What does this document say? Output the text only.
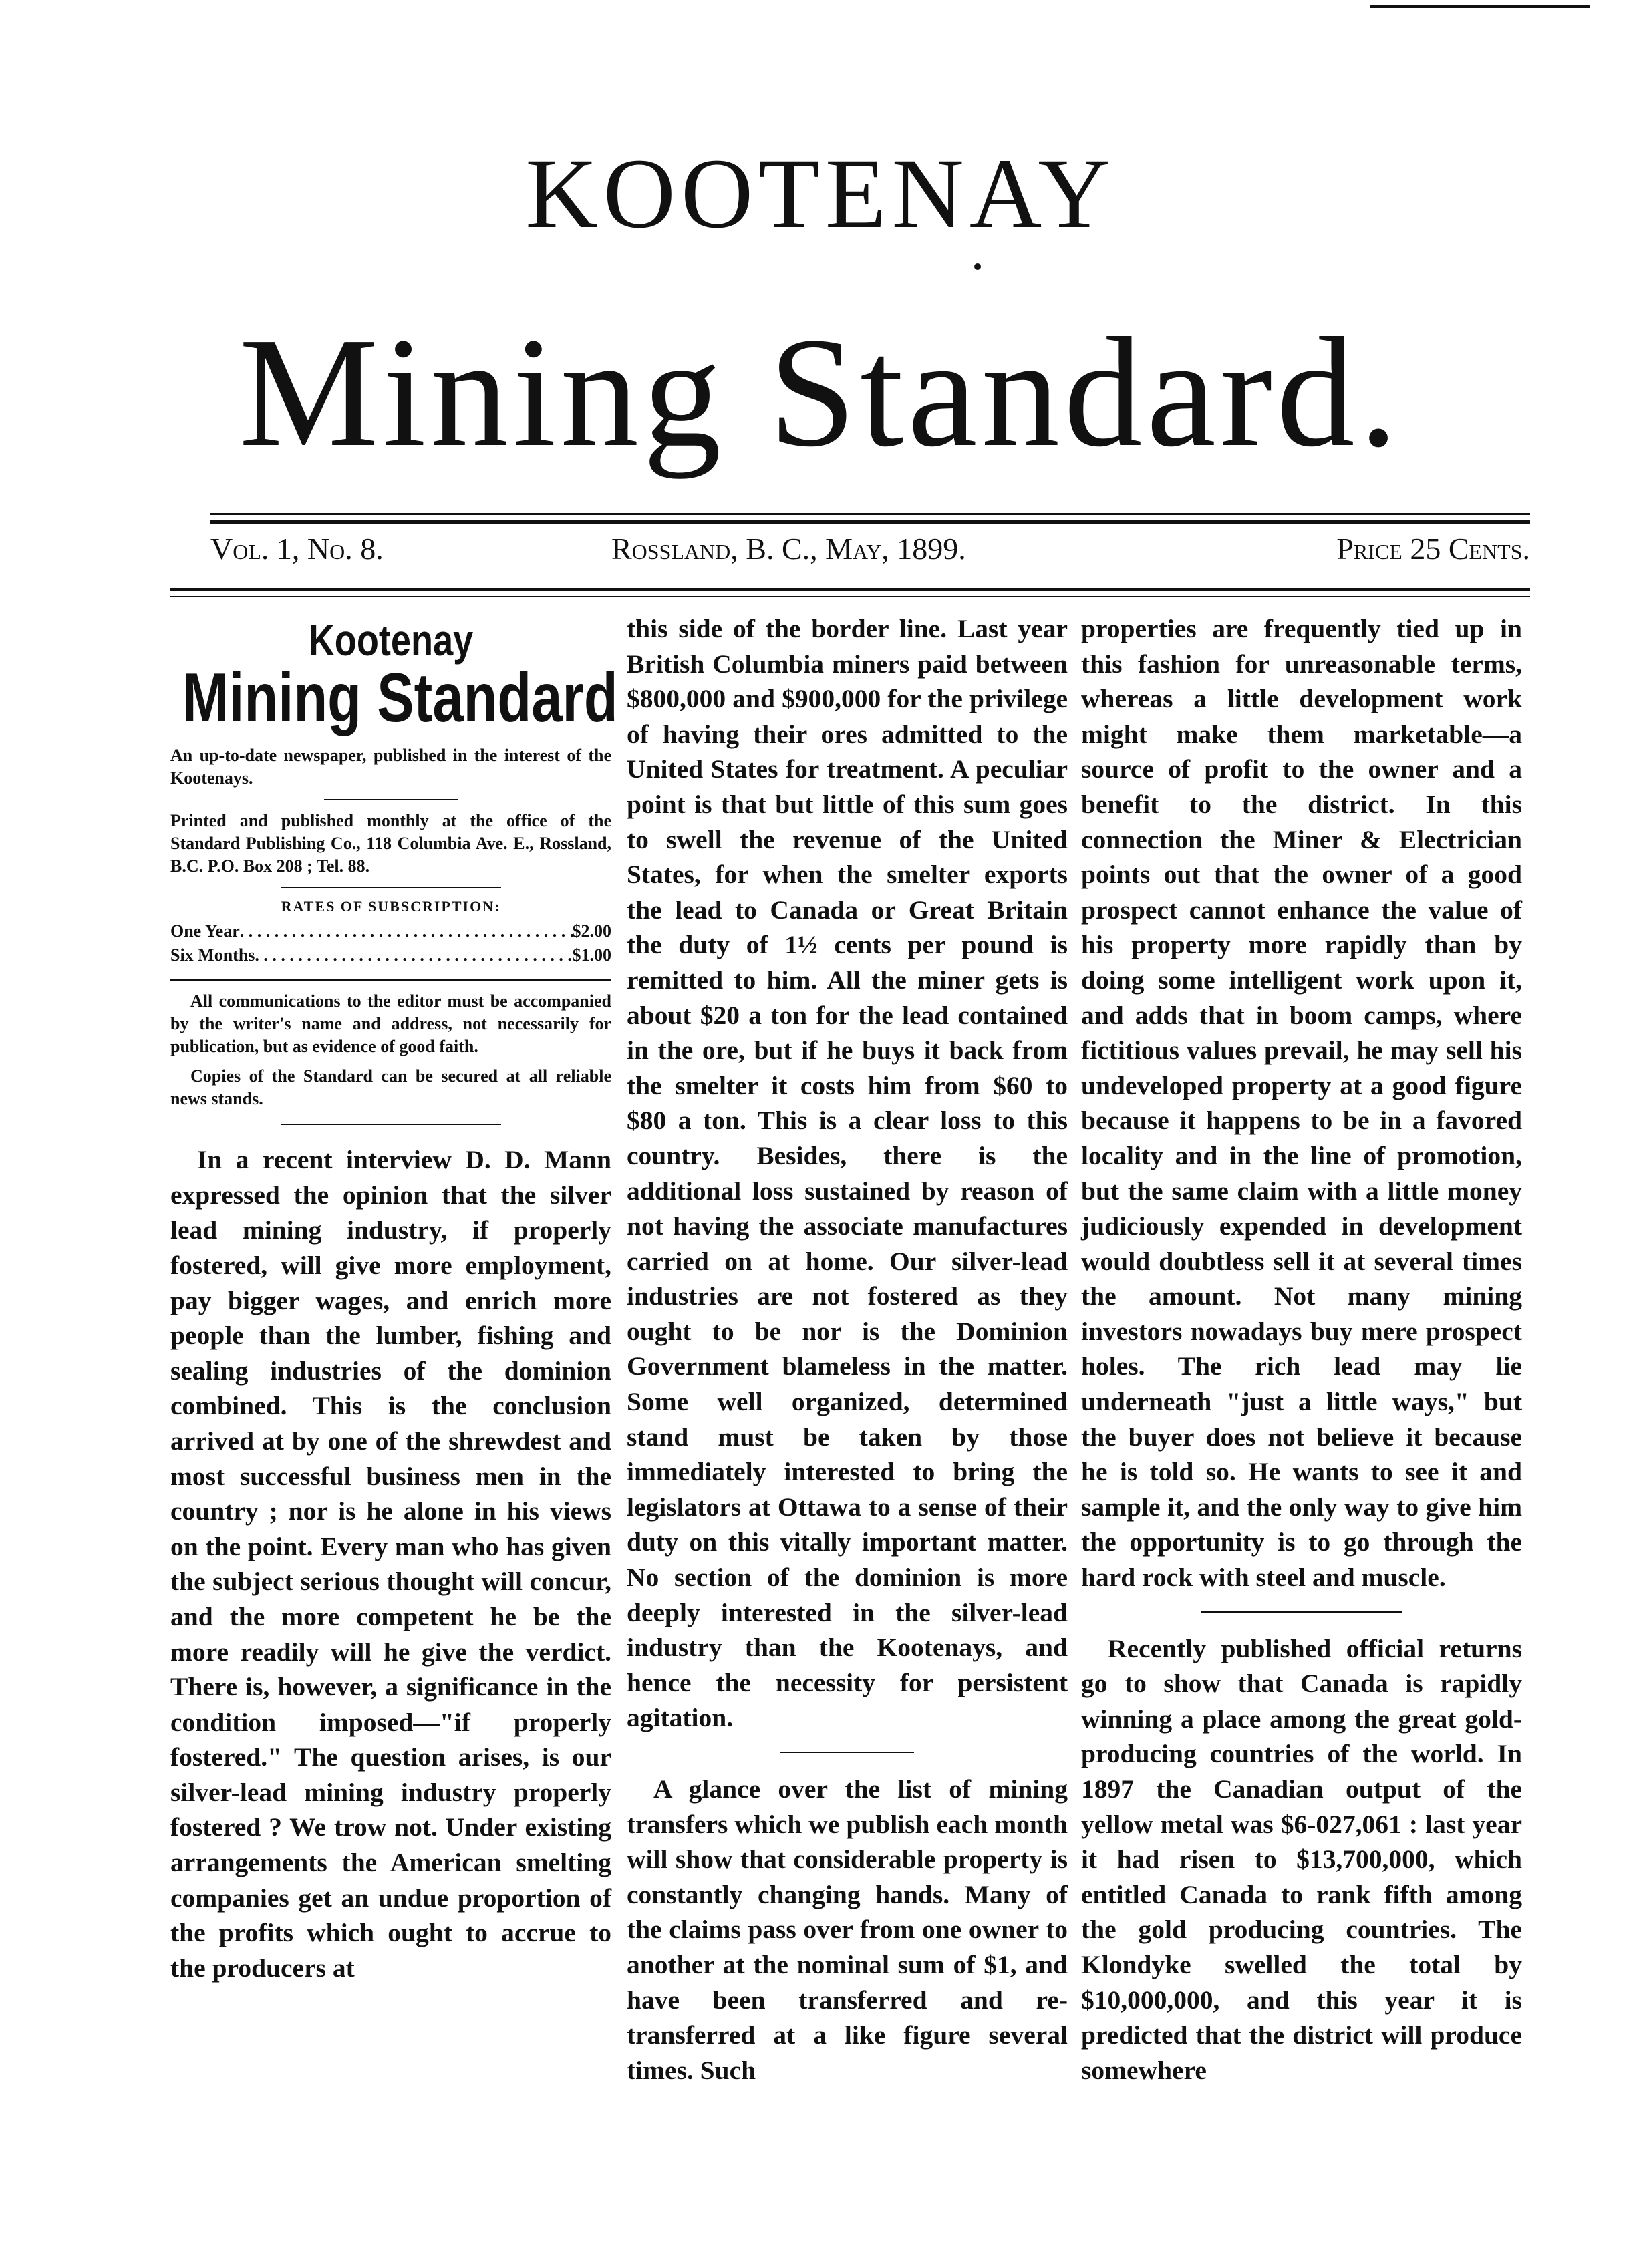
KOOTENAY
Mining Standard.
Vol. 1, No. 8.	Rossland, B. C., May, 1899.	Price 25 Cents.
Kootenay
Mining Standard

An up-to-date newspaper, published in the interest of the Kootenays.

Printed and published monthly at the office of the Standard Publishing Co., 118 Columbia Ave. E., Rossland, B.C. P.O. Box 208 ; Tel. 88.

RATES OF SUBSCRIPTION:
One Year . . .	$2.00
Six Months . . .	$1.00

All communications to the editor must be accompanied by the writer's name and address, not necessarily for publication, but as evidence of good faith.

Copies of the Standard can be secured at all reliable news stands.

In a recent interview D. D. Mann expressed the opinion that the silver lead mining industry, if properly fostered, will give more employment, pay bigger wages, and enrich more people than the lumber, fishing and sealing industries of the dominion combined. This is the conclusion arrived at by one of the shrewdest and most successful business men in the country ; nor is he alone in his views on the point. Every man who has given the subject serious thought will concur, and the more competent he be the more readily will he give the verdict. There is, however, a significance in the condition imposed—"if properly fostered." The question arises, is our silver-lead mining industry properly fostered ? We trow not. Under existing arrangements the American smelting companies get an undue proportion of the profits which ought to accrue to the producers at

this side of the border line. Last year British Columbia miners paid between $800,000 and $900,000 for the privilege of having their ores admitted to the United States for treatment. A peculiar point is that but little of this sum goes to swell the revenue of the United States, for when the smelter exports the lead to Canada or Great Britain the duty of 1½ cents per pound is remitted to him. All the miner gets is about $20 a ton for the lead contained in the ore, but if he buys it back from the smelter it costs him from $60 to $80 a ton. This is a clear loss to this country. Besides, there is the additional loss sustained by reason of not having the associate manufactures carried on at home. Our silver-lead industries are not fostered as they ought to be nor is the Dominion Government blameless in the matter. Some well organized, determined stand must be taken by those immediately interested to bring the legislators at Ottawa to a sense of their duty on this vitally important matter. No section of the dominion is more deeply interested in the silver-lead industry than the Kootenays, and hence the necessity for persistent agitation.

A glance over the list of mining transfers which we publish each month will show that considerable property is constantly changing hands. Many of the claims pass over from one owner to another at the nominal sum of $1, and have been transferred and re-transferred at a like figure several times. Such

properties are frequently tied up in this fashion for unreasonable terms, whereas a little development work might make them marketable—a source of profit to the owner and a benefit to the district. In this connection the Miner & Electrician points out that the owner of a good prospect cannot enhance the value of his property more rapidly than by doing some intelligent work upon it, and adds that in boom camps, where fictitious values prevail, he may sell his undeveloped property at a good figure because it happens to be in a favored locality and in the line of promotion, but the same claim with a little money judiciously expended in development would doubtless sell it at several times the amount. Not many mining investors nowadays buy mere prospect holes. The rich lead may lie underneath "just a little ways," but the buyer does not believe it because he is told so. He wants to see it and sample it, and the only way to give him the opportunity is to go through the hard rock with steel and muscle.

Recently published official returns go to show that Canada is rapidly winning a place among the great gold-producing countries of the world. In 1897 the Canadian output of the yellow metal was $6-027,061 : last year it had risen to $13,700,000, which entitled Canada to rank fifth among the gold producing countries. The Klondyke swelled the total by $10,000,000, and this year it is predicted that the district will produce somewhere
